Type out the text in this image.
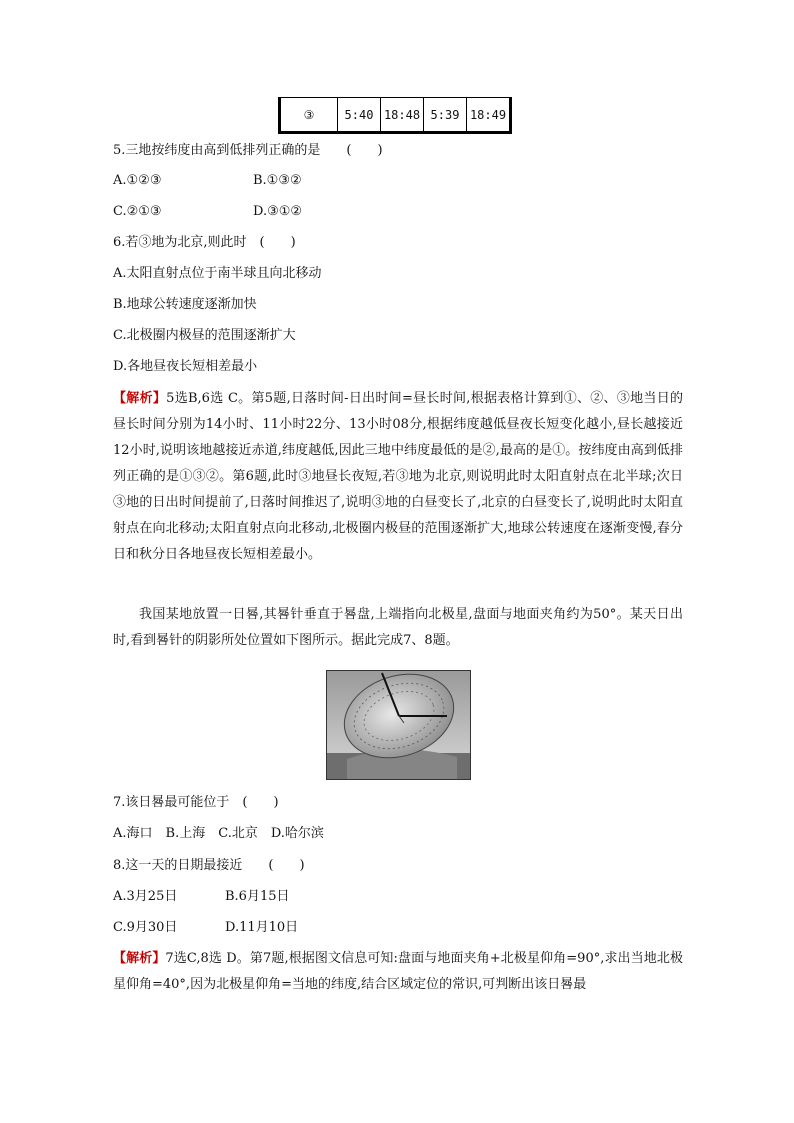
③	5:40	18:48	5:39	18:49
5.三地按纬度由高到低排列正确的是　　(　　)
A.①②③	B.①③②
C.②①③	D.③①②
6.若③地为北京,则此时　(　　)
A.太阳直射点位于南半球且向北移动
B.地球公转速度逐渐加快
C.北极圈内极昼的范围逐渐扩大
D.各地昼夜长短相差最小
【解析】5选B,6选 C。第5题,日落时间-日出时间=昼长时间,根据表格计算到①、②、③地当日的昼长时间分别为14小时、11小时22分、13小时08分,根据纬度越低昼夜长短变化越小,昼长越接近12小时,说明该地越接近赤道,纬度越低,因此三地中纬度最低的是②,最高的是①。按纬度由高到低排列正确的是①③②。第6题,此时③地昼长夜短,若③地为北京,则说明此时太阳直射点在北半球;次日③地的日出时间提前了,日落时间推迟了,说明③地的白昼变长了,北京的白昼变长了,说明此时太阳直射点在向北移动;太阳直射点向北移动,北极圈内极昼的范围逐渐扩大,地球公转速度在逐渐变慢,春分日和秋分日各地昼夜长短相差最小。
我国某地放置一日晷,其晷针垂直于晷盘,上端指向北极星,盘面与地面夹角约为50°。某天日出时,看到晷针的阴影所处位置如下图所示。据此完成7、8题。
7.该日晷最可能位于　(　　)
A.海口　B.上海　C.北京　D.哈尔滨
8.这一天的日期最接近　　(　　)
A.3月25日	B.6月15日
C.9月30日	D.11月10日
【解析】7选C,8选 D。第7题,根据图文信息可知:盘面与地面夹角+北极星仰角=90°,求出当地北极星仰角=40°,因为北极星仰角=当地的纬度,结合区域定位的常识,可判断出该日晷最
